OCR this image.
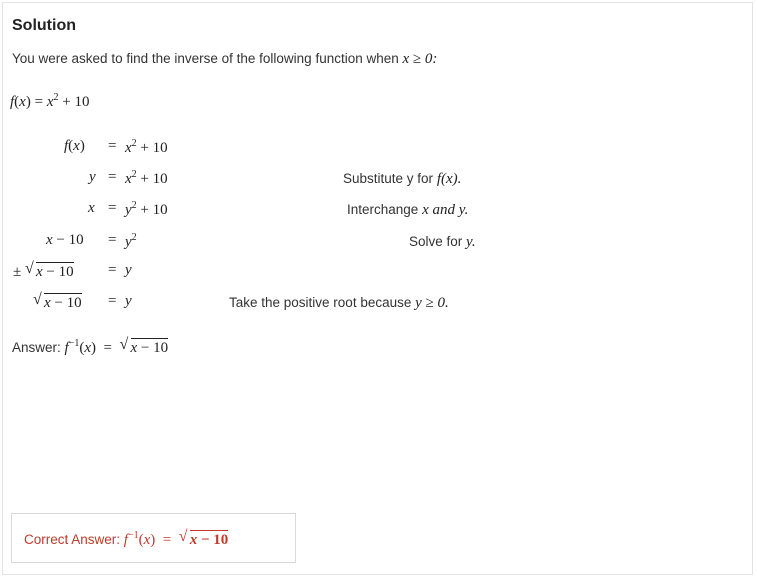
Solution
You were asked to find the inverse of the following function when x ≥ 0:
$f(x) = x^2 + 10$
$f(x) = x^2 + 10$
$y = x^2 + 10$	Substitute y for f(x).
$x = y^2 + 10$	Interchange x and y.
$x - 10 = y^2$	Solve for y.
± √ x − 10 = y
√ x − 10 = y	Take the positive root because y ≥ 0.
Answer: $f^{-1}(x)$  = √ x − 10
Correct Answer: $f^{-1}(x)$  = √ x − 10
